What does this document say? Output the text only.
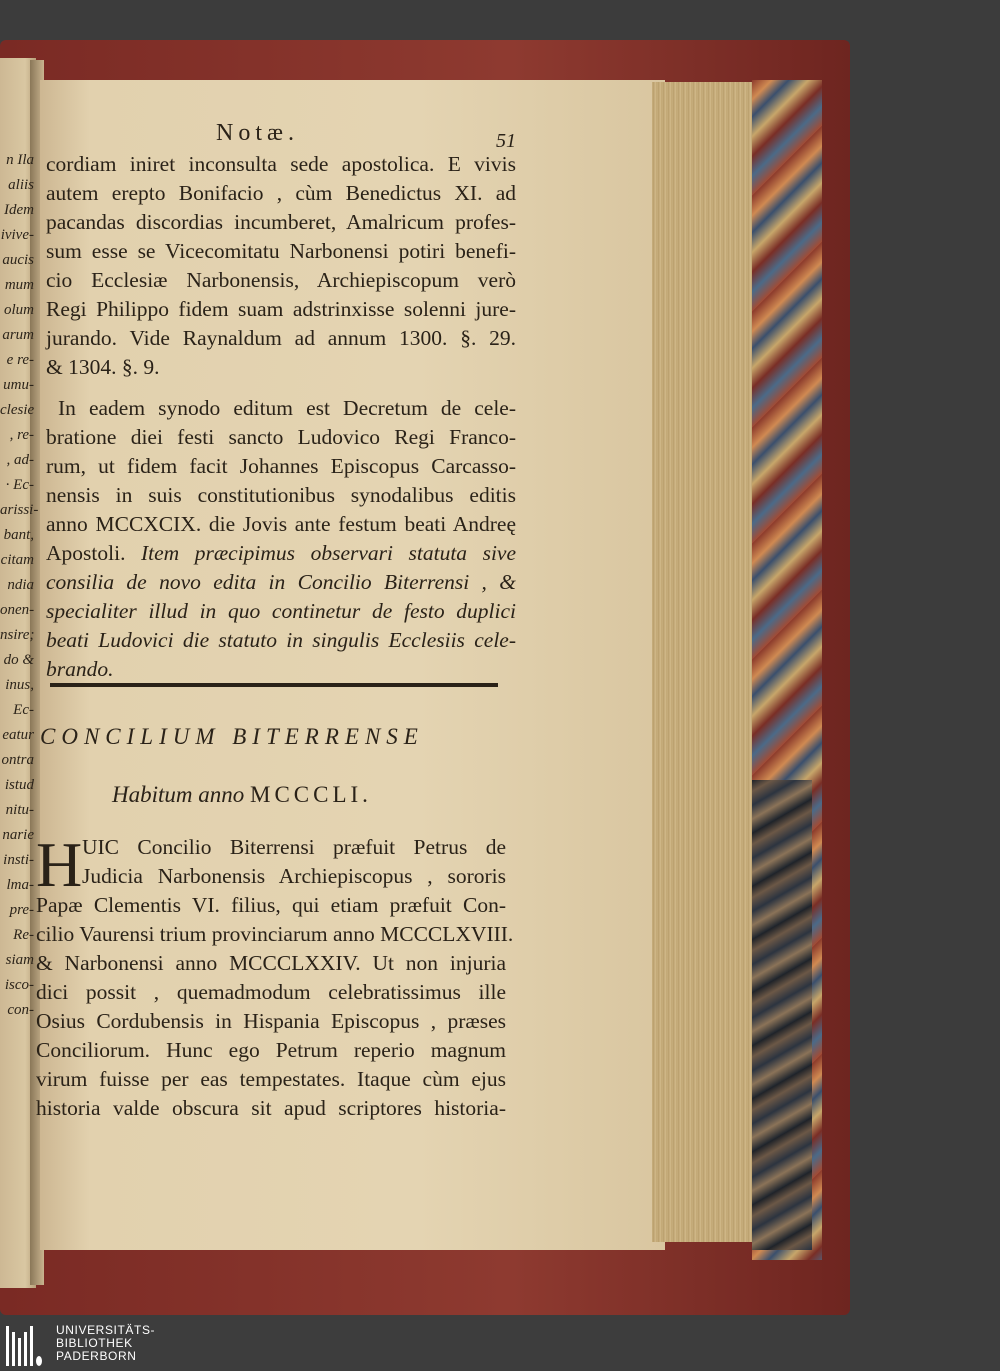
n Ila
aliis
Idem
ivive-
aucis
mum
olum
arum
e re-
umu-
clesie
, re-
, ad-
· Ec-
arissi-
bant,
citam
ndia
onen-
nsire;
do &
inus,
Ec-
eatur
ontra
istud
nitu-
narie
insti-
lma-
pre-
Re-
siam
isco-
con-
Notæ.	51
cordiam iniret inconsulta sede apostolica. E vivis
autem erepto Bonifacio , cùm Benedictus XI. ad
pacandas discordias incumberet, Amalricum profes-
sum esse se Vicecomitatu Narbonensi potiri benefi-
cio Ecclesiæ Narbonensis, Archiepiscopum verò
Regi Philippo fidem suam adstrinxisse solenni jure-
jurando. Vide Raynaldum ad annum 1300. §. 29.
& 1304. §. 9.
In eadem synodo editum est Decretum de cele-
bratione diei festi sancto Ludovico Regi Franco-
rum, ut fidem facit Johannes Episcopus Carcasso-
nensis in suis constitutionibus synodalibus editis
anno MCCXCIX. die Jovis ante festum beati Andreę
Apostoli. Item præcipimus observari statuta sive
consilia de novo edita in Concilio Biterrensi , &
specialiter illud in quo continetur de festo duplici
beati Ludovici die statuto in singulis Ecclesiis cele-
brando.
CONCILIUM BITERRENSE
Habitum anno MCCCLI.
H UIC Concilio Biterrensi præfuit Petrus de
Judicia Narbonensis Archiepiscopus , sororis
Papæ Clementis VI. filius, qui etiam præfuit Con-
cilio Vaurensi trium provinciarum anno MCCCLXVIII.
& Narbonensi anno MCCCLXXIV. Ut non injuria
dici possit , quemadmodum celebratissimus ille
Osius Cordubensis in Hispania Episcopus , præses
Conciliorum. Hunc ego Petrum reperio magnum
virum fuisse per eas tempestates. Itaque cùm ejus
historia valde obscura sit apud scriptores historia-
UNIVERSITÄTS-
BIBLIOTHEK
PADERBORN
